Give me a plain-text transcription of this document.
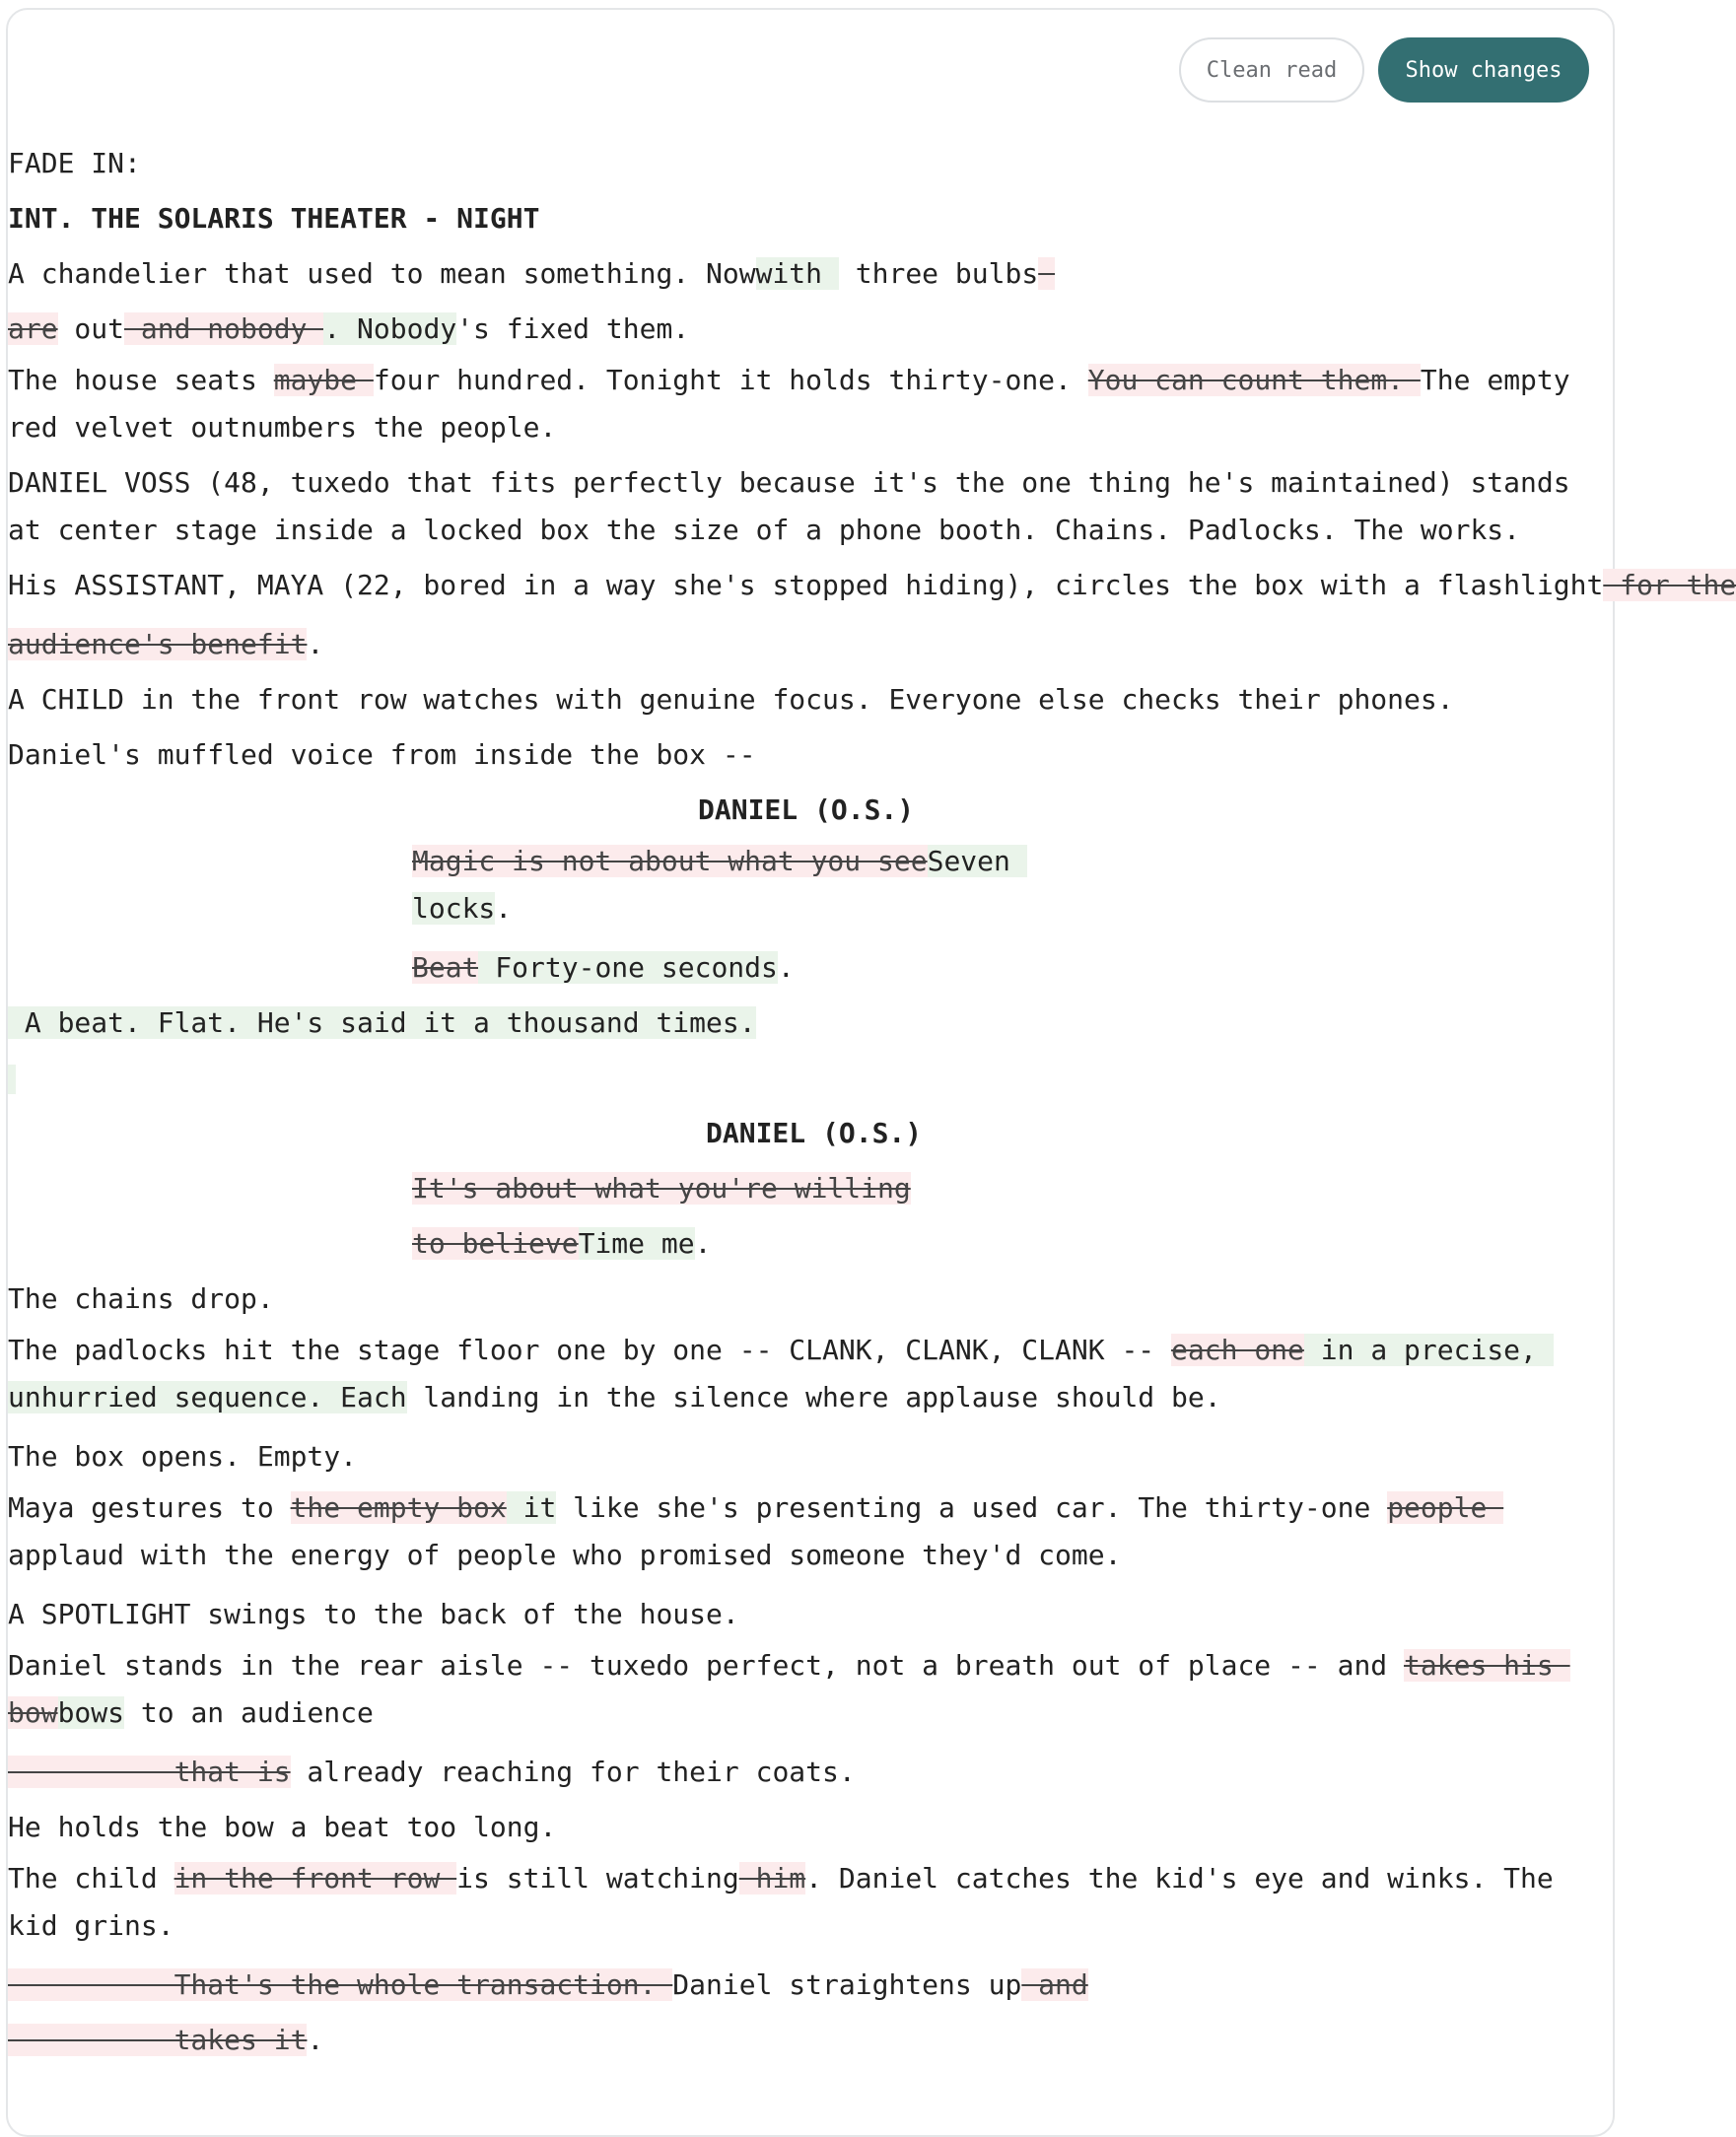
Clean read	Show changes
FADE IN:
INT. THE SOLARIS THEATER - NIGHT
A chandelier that used to mean something. Nowwith  three bulbs
are out and nobody . Nobody's fixed them.
The house seats maybe four hundred. Tonight it holds thirty-one. You can count them. The empty
red velvet outnumbers the people.
DANIEL VOSS (48, tuxedo that fits perfectly because it's the one thing he's maintained) stands
at center stage inside a locked box the size of a phone booth. Chains. Padlocks. The works.
His ASSISTANT, MAYA (22, bored in a way she's stopped hiding), circles the box with a flashlight for the
audience's benefit.
A CHILD in the front row watches with genuine focus. Everyone else checks their phones.
Daniel's muffled voice from inside the box --
DANIEL (O.S.)
Magic is not about what you seeSeven
locks.
Beat Forty-one seconds.
A beat. Flat. He's said it a thousand times.
DANIEL (O.S.)
It's about what you're willing
to believeTime me.
The chains drop.
The padlocks hit the stage floor one by one -- CLANK, CLANK, CLANK -- each one in a precise,
unhurried sequence. Each landing in the silence where applause should be.
The box opens. Empty.
Maya gestures to the empty box it like she's presenting a used car. The thirty-one people
applaud with the energy of people who promised someone they'd come.
A SPOTLIGHT swings to the back of the house.
Daniel stands in the rear aisle -- tuxedo perfect, not a breath out of place -- and takes his
bowbows to an audience
that is already reaching for their coats.
He holds the bow a beat too long.
The child in the front row is still watching him. Daniel catches the kid's eye and winks. The
kid grins.
That's the whole transaction. Daniel straightens up and
takes it.
